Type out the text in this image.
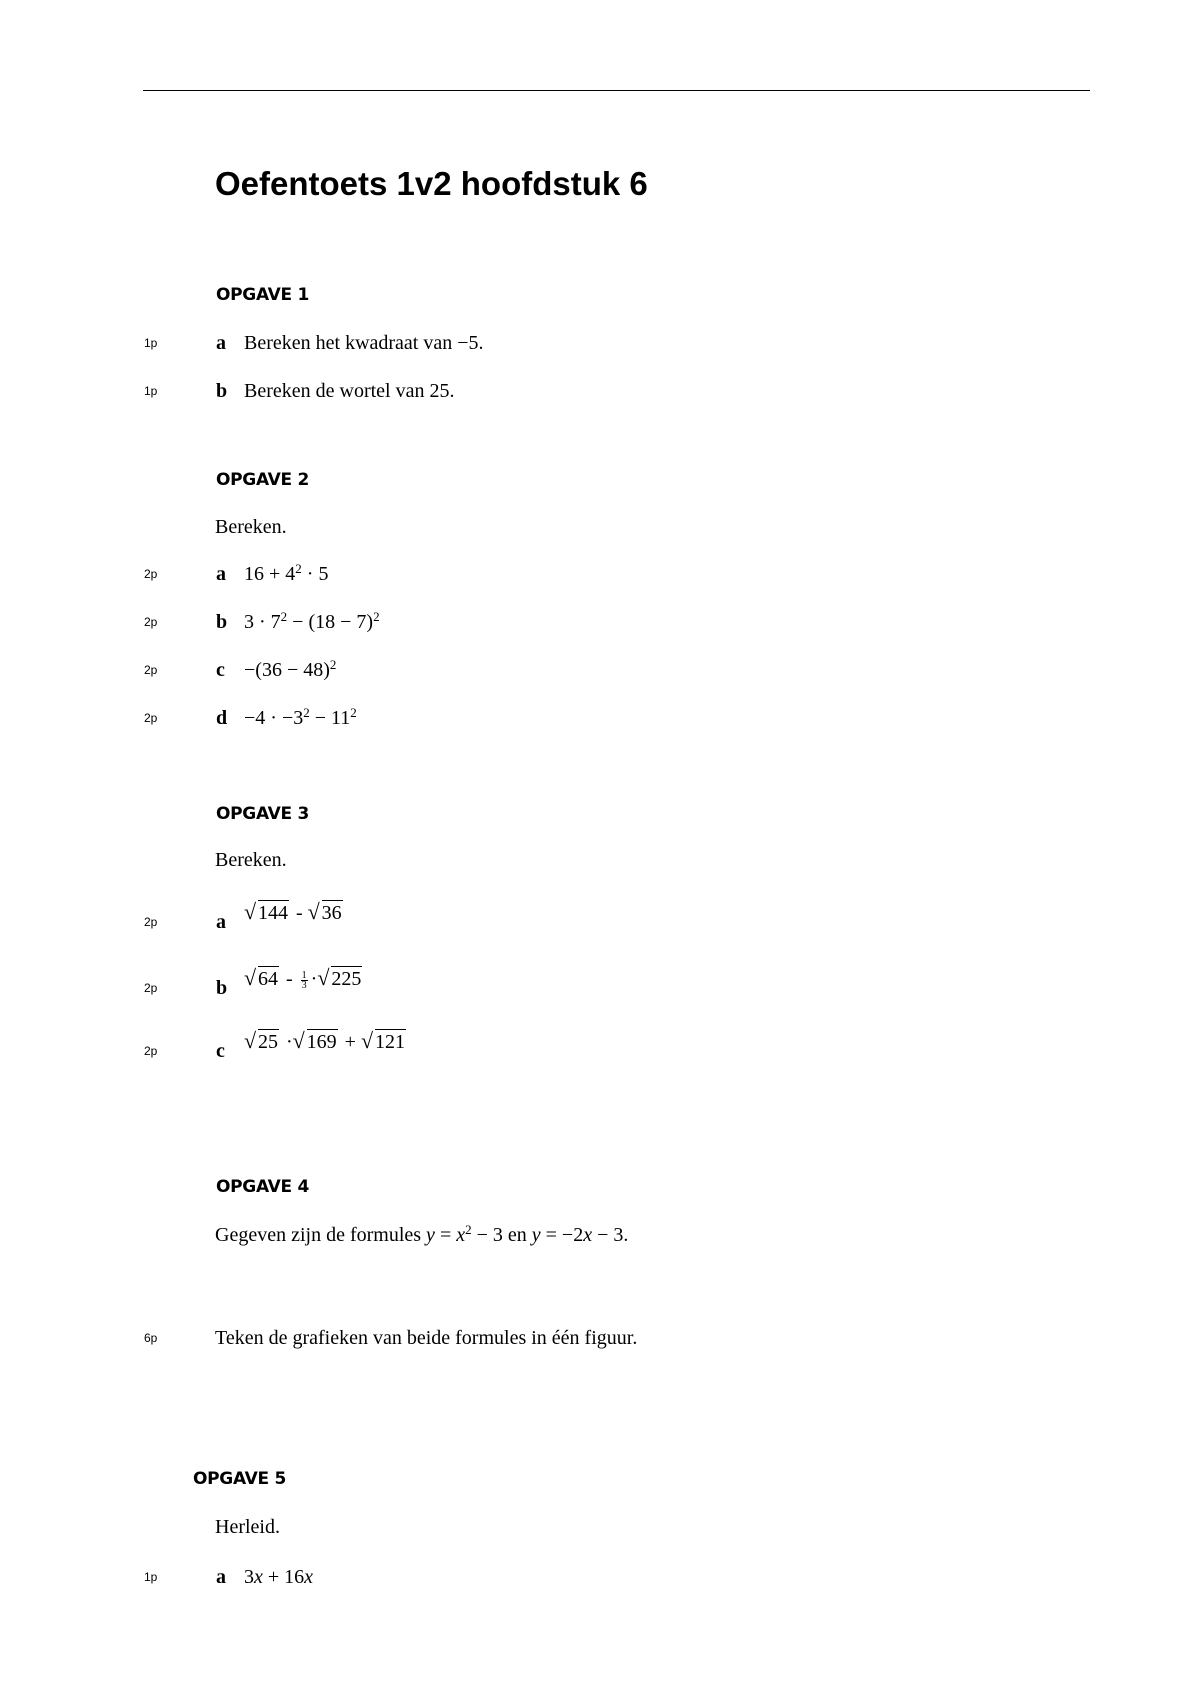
Oefentoets 1v2 hoofdstuk 6
OPGAVE 1
1p	a Bereken het kwadraat van −5.
1p	b Bereken de wortel van 25.
OPGAVE 2
Bereken.
2p	a $16 + 4^2 \cdot 5$
2p	b $3 \cdot 7^2 - (18 - 7)^2$
2p	$c -(36 - 48)^2$
2p	$d -4 \cdot -3^2 - 11^2$
OPGAVE 3
Bereken.
2p	a √ 144 - √ 36
2p	b √ $64 - \frac{1}{3}$ · √ 225
2p	c √ 25 · √ 169 + √ 121
OPGAVE 4
Gegeven zijn de formules $y = x^2 - 3$ en y = −2x − 3.
6p	Teken de grafieken van beide formules in één figuur.
OPGAVE 5
Herleid.
1p	a 3x + 16x
